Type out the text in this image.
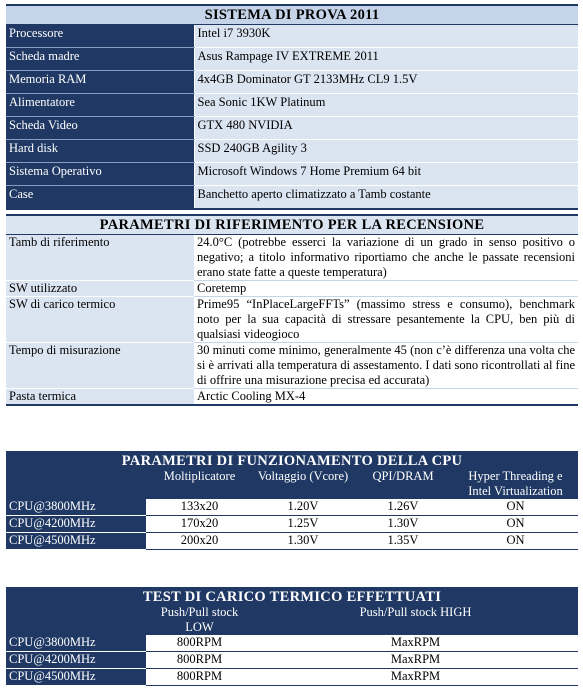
SISTEMA DI PROVA 2011	
Processore	Intel i7 3930K
Scheda madre	Asus Rampage IV EXTREME 2011
Memoria RAM	4x4GB Dominator GT 2133MHz CL9 1.5V
Alimentatore	Sea Sonic 1KW Platinum
Scheda Video	GTX 480 NVIDIA
Hard disk	SSD 240GB Agility 3
Sistema Operativo	Microsoft Windows 7 Home Premium 64 bit
Case	Banchetto aperto climatizzato a Tamb costante
PARAMETRI DI RIFERIMENTO PER LA RECENSIONE	
Tamb di riferimento	24.0°C (potrebbe esserci la variazione di un grado in senso positivo o negativo; a titolo informativo riportiamo che anche le passate recensioni erano state fatte a queste temperatura)
SW utilizzato	Coretemp
SW di carico termico	Prime95 “InPlaceLargeFFTs” (massimo stress e consumo), benchmark noto per la sua capacità di stressare pesantemente la CPU, ben più di qualsiasi videogioco
Tempo di misurazione	30 minuti come minimo, generalmente 45 (non c’è differenza una volta che si è arrivati alla temperatura di assestamento. I dati sono ricontrollati al fine di offrire una misurazione precisa ed accurata)
Pasta termica	Arctic Cooling MX-4
PARAMETRI DI FUNZIONAMENTO DELLA CPU				
	Moltiplicatore	Voltaggio (Vcore)	QPI/DRAM	Hyper Threading e Intel Virtualization
CPU@3800MHz	133x20	1.20V	1.26V	ON
CPU@4200MHz	170x20	1.25V	1.30V	ON
CPU@4500MHz	200x20	1.30V	1.35V	ON
TEST DI CARICO TERMICO EFFETTUATI		
	Push/Pull stock LOW	Push/Pull stock HIGH
CPU@3800MHz	800RPM	MaxRPM
CPU@4200MHz	800RPM	MaxRPM
CPU@4500MHz	800RPM	MaxRPM
